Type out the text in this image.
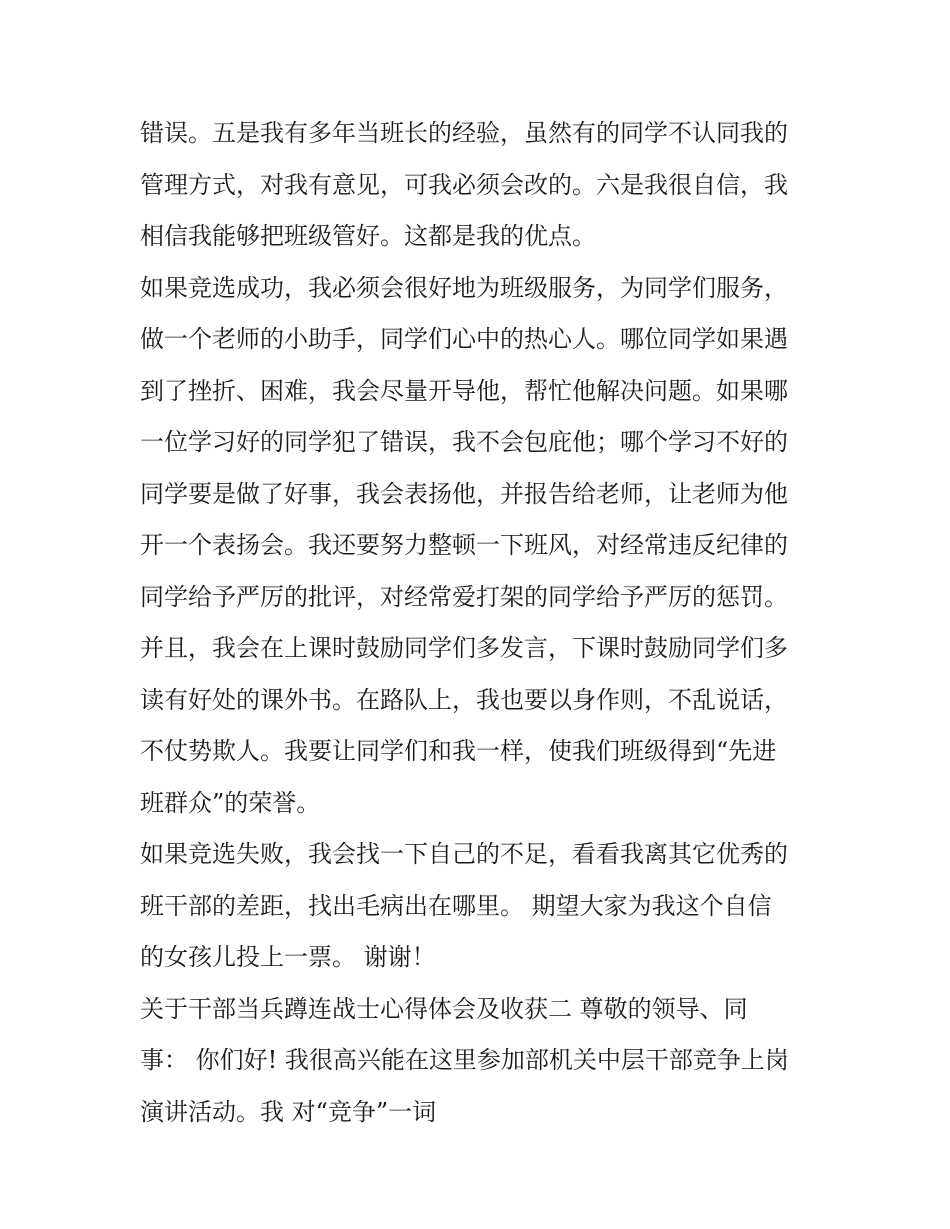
错误。五是我有多年当班长的经验，虽然有的同学不认同我的
管理方式，对我有意见，可我必须会改的。六是我很自信，我
相信我能够把班级管好。这都是我的优点。
如果竞选成功，我必须会很好地为班级服务，为同学们服务，
做一个老师的小助手，同学们心中的热心人。哪位同学如果遇
到了挫折、困难，我会尽量开导他，帮忙他解决问题。如果哪
一位学习好的同学犯了错误，我不会包庇他；哪个学习不好的
同学要是做了好事，我会表扬他，并报告给老师，让老师为他
开一个表扬会。我还要努力整顿一下班风，对经常违反纪律的
同学给予严厉的批评，对经常爱打架的同学给予严厉的惩罚。
并且，我会在上课时鼓励同学们多发言，下课时鼓励同学们多
读有好处的课外书。在路队上，我也要以身作则，不乱说话，
不仗势欺人。我要让同学们和我一样，使我们班级得到“先进
班群众”的荣誉。
如果竞选失败，我会找一下自己的不足，看看我离其它优秀的
班干部的差距，找出毛病出在哪里。 期望大家为我这个自信
的女孩儿投上一票。 谢谢！
关于干部当兵蹲连战士心得体会及收获二 尊敬的领导、同
事： 你们好! 我很高兴能在这里参加部机关中层干部竞争上岗
演讲活动。我 对“竞争”一词
